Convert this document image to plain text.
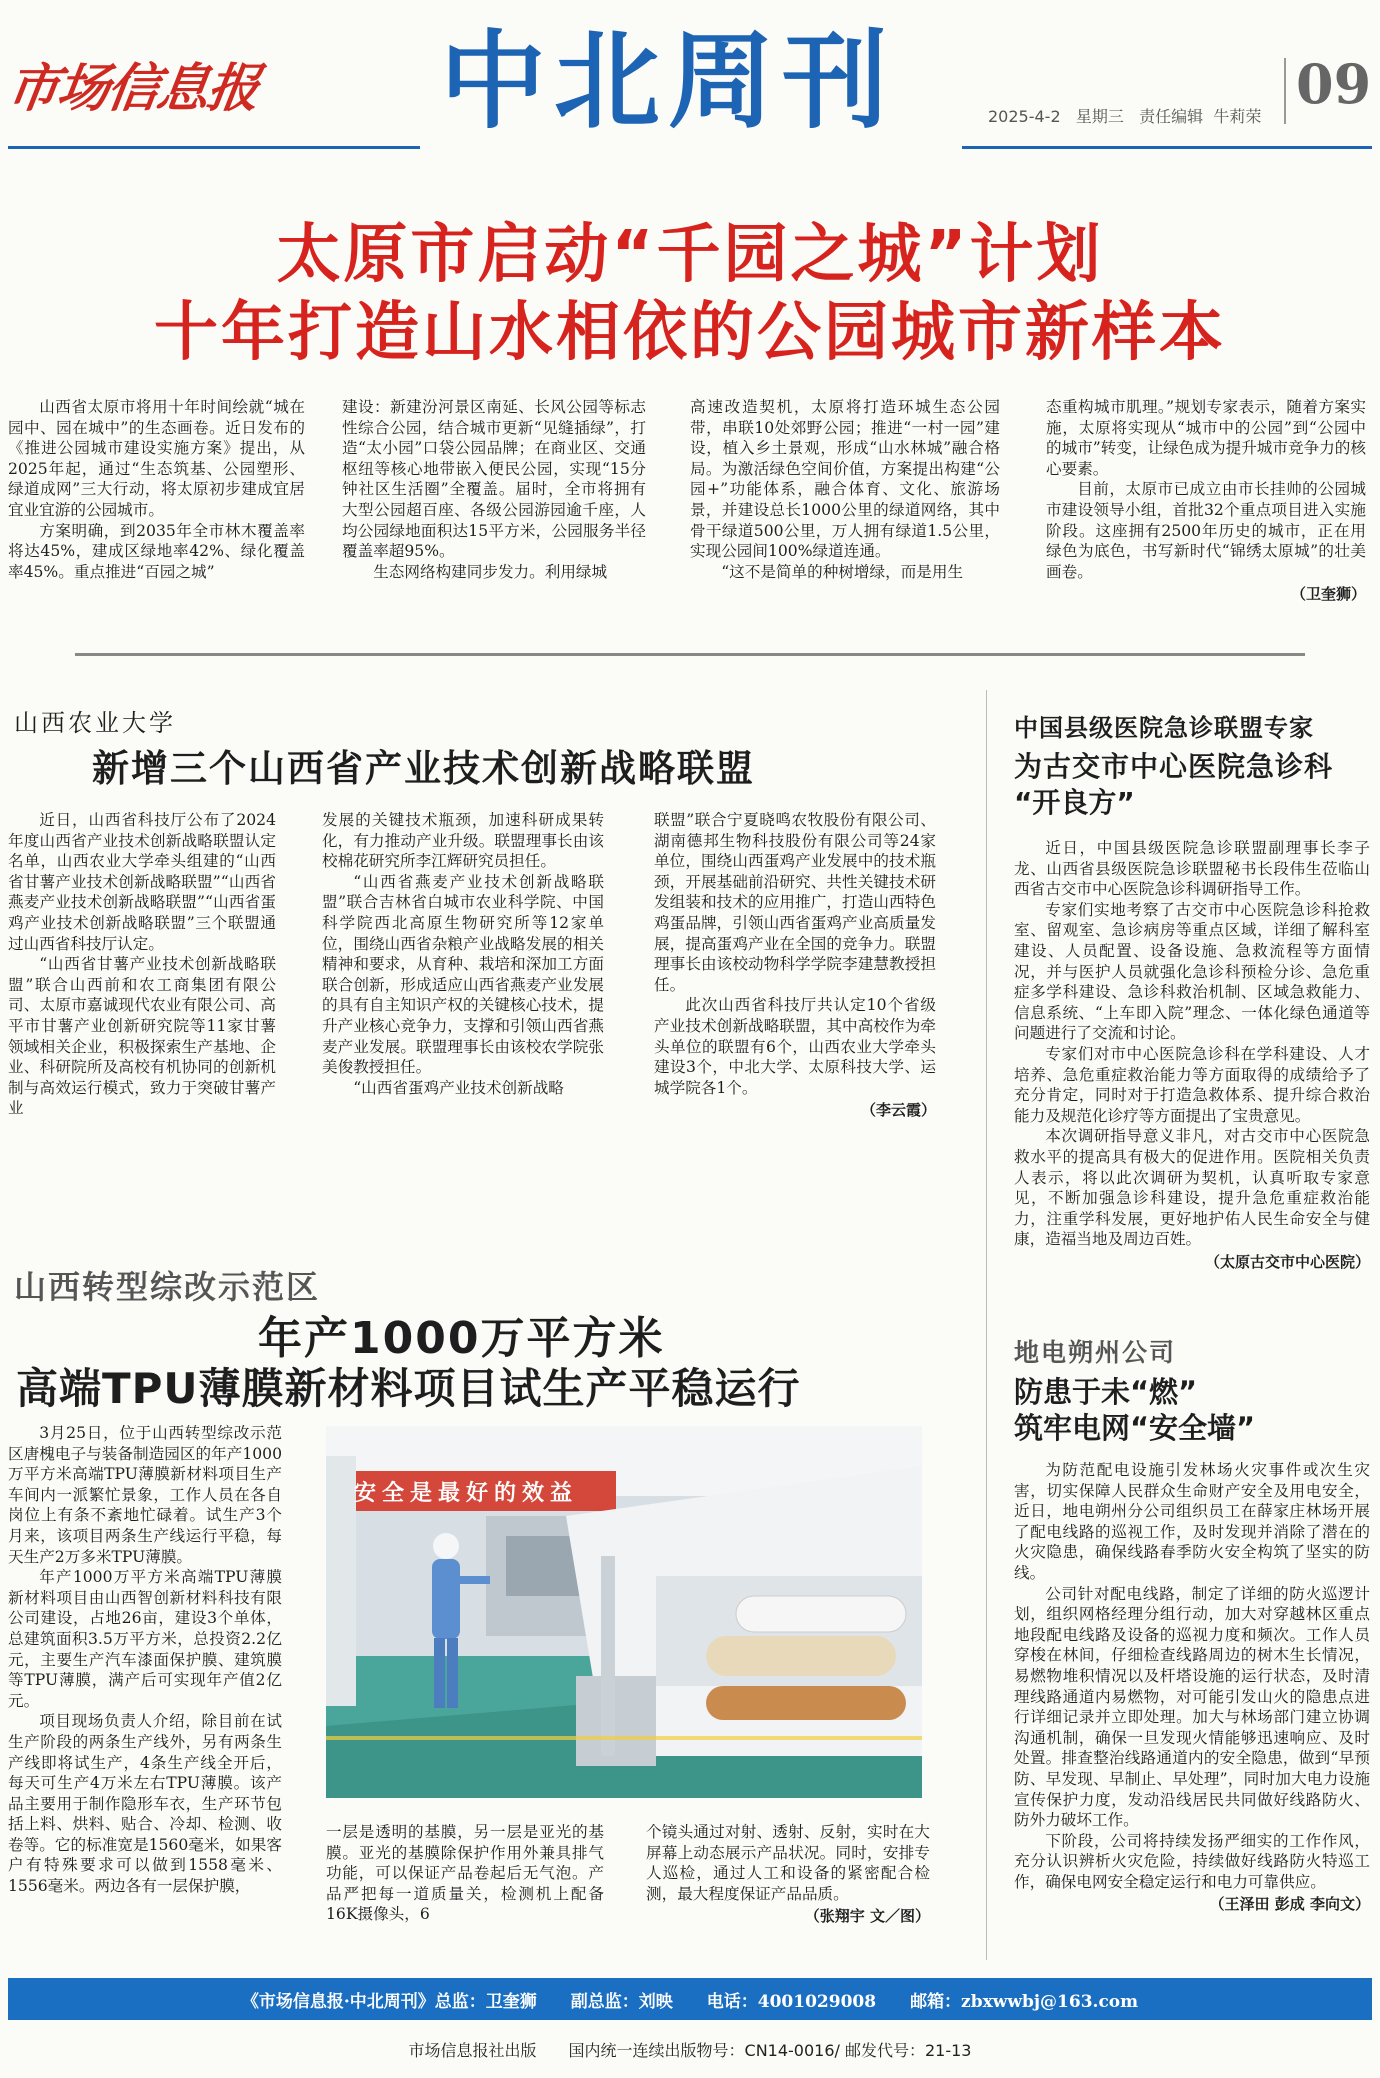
市场信息报 中北周刊	2025-4-2 星期三 责任编辑 牛莉荣
09
太原市启动“千园之城”计划
十年打造山水相依的公园城市新样本

山西省太原市将用十年时间绘就“城在园中、园在城中”的生态画卷。近日发布的《推进公园城市建设实施方案》提出，从2025年起，通过“生态筑基、公园塑形、绿道成网”三大行动，将太原初步建成宜居宜业宜游的公园城市。

方案明确，到2035年全市林木覆盖率将达45%，建成区绿地率42%、绿化覆盖率45%。重点推进“百园之城”

建设：新建汾河景区南延、长风公园等标志性综合公园，结合城市更新“见缝插绿”，打造“太小园”口袋公园品牌；在商业区、交通枢纽等核心地带嵌入便民公园，实现“15分钟社区生活圈”全覆盖。届时，全市将拥有大型公园超百座、各级公园游园逾千座，人均公园绿地面积达15平方米，公园服务半径覆盖率超95%。

生态网络构建同步发力。利用绿城

高速改造契机，太原将打造环城生态公园带，串联10处郊野公园；推进“一村一园”建设，植入乡土景观，形成“山水林城”融合格局。为激活绿色空间价值，方案提出构建“公园+”功能体系，融合体育、文化、旅游场景，并建设总长1000公里的绿道网络，其中骨干绿道500公里，万人拥有绿道1.5公里，实现公园间100%绿道连通。

“这不是简单的种树增绿，而是用生

态重构城市肌理。”规划专家表示，随着方案实施，太原将实现从“城市中的公园”到“公园中的城市”转变，让绿色成为提升城市竞争力的核心要素。

目前，太原市已成立由市长挂帅的公园城市建设领导小组，首批32个重点项目进入实施阶段。这座拥有2500年历史的城市，正在用绿色为底色，书写新时代“锦绣太原城”的壮美画卷。

（卫奎狮）
山西农业大学
新增三个山西省产业技术创新战略联盟

近日，山西省科技厅公布了2024年度山西省产业技术创新战略联盟认定名单，山西农业大学牵头组建的“山西省甘薯产业技术创新战略联盟”“山西省燕麦产业技术创新战略联盟”“山西省蛋鸡产业技术创新战略联盟”三个联盟通过山西省科技厅认定。

“山西省甘薯产业技术创新战略联盟”联合山西前和农工商集团有限公司、太原市嘉诚现代农业有限公司、高平市甘薯产业创新研究院等11家甘薯领域相关企业，积极探索生产基地、企业、科研院所及高校有机协同的创新机制与高效运行模式，致力于突破甘薯产业

发展的关键技术瓶颈，加速科研成果转化，有力推动产业升级。联盟理事长由该校棉花研究所李江辉研究员担任。

“山西省燕麦产业技术创新战略联盟”联合吉林省白城市农业科学院、中国科学院西北高原生物研究所等12家单位，围绕山西省杂粮产业战略发展的相关精神和要求，从育种、栽培和深加工方面联合创新，形成适应山西省燕麦产业发展的具有自主知识产权的关键核心技术，提升产业核心竞争力，支撑和引领山西省燕麦产业发展。联盟理事长由该校农学院张美俊教授担任。

“山西省蛋鸡产业技术创新战略

联盟”联合宁夏晓鸣农牧股份有限公司、湖南德邦生物科技股份有限公司等24家单位，围绕山西蛋鸡产业发展中的技术瓶颈，开展基础前沿研究、共性关键技术研发组装和技术的应用推广，打造山西特色鸡蛋品牌，引领山西省蛋鸡产业高质量发展，提高蛋鸡产业在全国的竞争力。联盟理事长由该校动物科学学院李建慧教授担任。

此次山西省科技厅共认定10个省级产业技术创新战略联盟，其中高校作为牵头单位的联盟有6个，山西农业大学牵头建设3个，中北大学、太原科技大学、运城学院各1个。

（李云霞）
中国县级医院急诊联盟专家
为古交市中心医院急诊科
“开良方”

近日，中国县级医院急诊联盟副理事长李子龙、山西省县级医院急诊联盟秘书长段伟生莅临山西省古交市中心医院急诊科调研指导工作。

专家们实地考察了古交市中心医院急诊科抢救室、留观室、急诊病房等重点区域，详细了解科室建设、人员配置、设备设施、急救流程等方面情况，并与医护人员就强化急诊科预检分诊、急危重症多学科建设、急诊科救治机制、区域急救能力、信息系统、“上车即入院”理念、一体化绿色通道等问题进行了交流和讨论。

专家们对市中心医院急诊科在学科建设、人才培养、急危重症救治能力等方面取得的成绩给予了充分肯定，同时对于打造急救体系、提升综合救治能力及规范化诊疗等方面提出了宝贵意见。

本次调研指导意义非凡，对古交市中心医院急救水平的提高具有极大的促进作用。医院相关负责人表示，将以此次调研为契机，认真听取专家意见，不断加强急诊科建设，提升急危重症救治能力，注重学科发展，更好地护佑人民生命安全与健康，造福当地及周边百姓。

（太原古交市中心医院）
山西转型综改示范区
年产1000万平方米
高端TPU薄膜新材料项目试生产平稳运行

3月25日，位于山西转型综改示范区唐槐电子与装备制造园区的年产1000万平方米高端TPU薄膜新材料项目生产车间内一派繁忙景象，工作人员在各自岗位上有条不紊地忙碌着。试生产3个月来，该项目两条生产线运行平稳，每天生产2万多米TPU薄膜。

年产1000万平方米高端TPU薄膜新材料项目由山西智创新材料科技有限公司建设，占地26亩，建设3个单体，总建筑面积3.5万平方米，总投资2.2亿元，主要生产汽车漆面保护膜、建筑膜等TPU薄膜，满产后可实现年产值2亿元。

项目现场负责人介绍，除目前在试生产阶段的两条生产线外，另有两条生产线即将试生产，4条生产线全开后，每天可生产4万米左右TPU薄膜。该产品主要用于制作隐形车衣，生产环节包括上料、烘料、贴合、冷却、检测、收卷等。它的标准宽是1560毫米，如果客户有特殊要求可以做到1558毫米、1556毫米。两边各有一层保护膜，

安全是最好的效益

一层是透明的基膜，另一层是亚光的基膜。亚光的基膜除保护作用外兼具排气功能，可以保证产品卷起后无气泡。产品严把每一道质量关，检测机上配备16K摄像头，6

个镜头通过对射、透射、反射，实时在大屏幕上动态展示产品状况。同时，安排专人巡检，通过人工和设备的紧密配合检测，最大程度保证产品品质。

（张翔宇 文／图）
地电朔州公司
防患于未“燃”
筑牢电网“安全墙”

为防范配电设施引发林场火灾事件或次生灾害，切实保障人民群众生命财产安全及用电安全，近日，地电朔州分公司组织员工在薛家庄林场开展了配电线路的巡视工作，及时发现并消除了潜在的火灾隐患，确保线路春季防火安全构筑了坚实的防线。

公司针对配电线路，制定了详细的防火巡逻计划，组织网格经理分组行动，加大对穿越林区重点地段配电线路及设备的巡视力度和频次。工作人员穿梭在林间，仔细检查线路周边的树木生长情况，易燃物堆积情况以及杆塔设施的运行状态，及时清理线路通道内易燃物，对可能引发山火的隐患点进行详细记录并立即处理。加大与林场部门建立协调沟通机制，确保一旦发现火情能够迅速响应、及时处置。排查整治线路通道内的安全隐患，做到“早预防、早发现、早制止、早处理”，同时加大电力设施宣传保护力度，发动沿线居民共同做好线路防火、防外力破坏工作。

下阶段，公司将持续发扬严细实的工作作风，充分认识辨析火灾危险，持续做好线路防火特巡工作，确保电网安全稳定运行和电力可靠供应。

（王泽田 彭成 李向文）
《市场信息报·中北周刊》总监：卫奎狮　　副总监：刘映　　电话：4001029008　　邮箱：zbxwwbj@163.com
市场信息报社出版　　国内统一连续出版物号：CN14-0016/ 邮发代号：21-13
